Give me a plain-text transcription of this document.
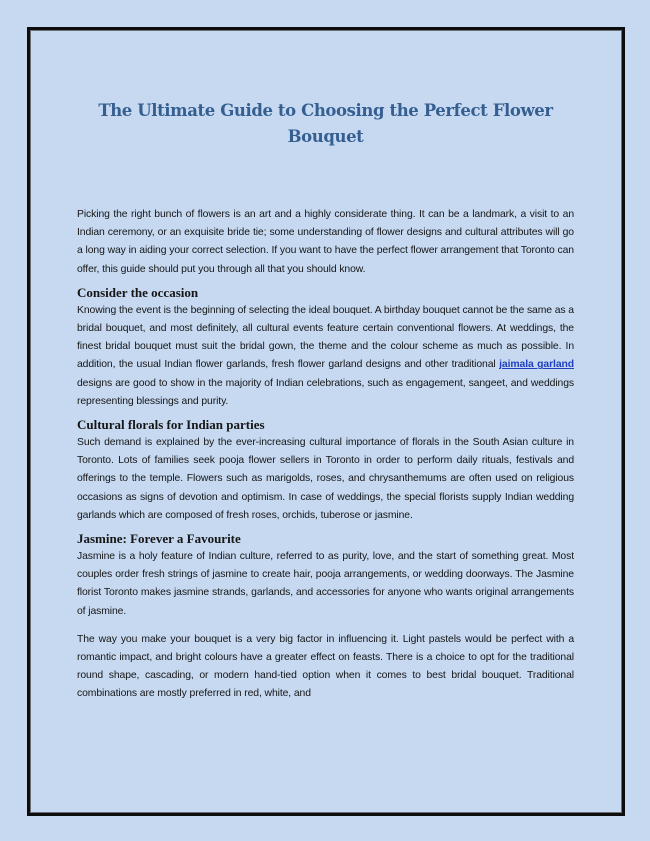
The Ultimate Guide to Choosing the Perfect Flower Bouquet

Picking the right bunch of flowers is an art and a highly considerate thing. It can be a landmark, a visit to an Indian ceremony, or an exquisite bride tie; some understanding of flower designs and cultural attributes will go a long way in aiding your correct selection. If you want to have the perfect flower arrangement that Toronto can offer, this guide should put you through all that you should know.

Consider the occasion

Knowing the event is the beginning of selecting the ideal bouquet. A birthday bouquet cannot be the same as a bridal bouquet, and most definitely, all cultural events feature certain conventional flowers. At weddings, the finest bridal bouquet must suit the bridal gown, the theme and the colour scheme as much as possible. In addition, the usual Indian flower garlands, fresh flower garland designs and other traditional jaimala garland designs are good to show in the majority of Indian celebrations, such as engagement, sangeet, and weddings representing blessings and purity.

Cultural florals for Indian parties

Such demand is explained by the ever-increasing cultural importance of florals in the South Asian culture in Toronto. Lots of families seek pooja flower sellers in Toronto in order to perform daily rituals, festivals and offerings to the temple. Flowers such as marigolds, roses, and chrysanthemums are often used on religious occasions as signs of devotion and optimism. In case of weddings, the special florists supply Indian wedding garlands which are composed of fresh roses, orchids, tuberose or jasmine.

Jasmine: Forever a Favourite

Jasmine is a holy feature of Indian culture, referred to as purity, love, and the start of something great. Most couples order fresh strings of jasmine to create hair, pooja arrangements, or wedding doorways. The Jasmine florist Toronto makes jasmine strands, garlands, and accessories for anyone who wants original arrangements of jasmine.

The way you make your bouquet is a very big factor in influencing it. Light pastels would be perfect with a romantic impact, and bright colours have a greater effect on feasts. There is a choice to opt for the traditional round shape, cascading, or modern hand-tied option when it comes to best bridal bouquet. Traditional combinations are mostly preferred in red, white, and
